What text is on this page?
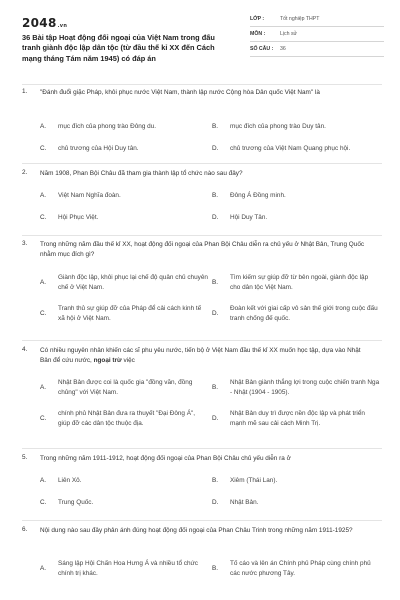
2048.vn
36 Bài tập Hoạt động đối ngoại của Việt Nam trong đấu tranh giành độc lập dân tộc (từ đầu thế kỉ XX đến Cách mạng tháng Tám năm 1945) có đáp án
LỚP :	Tốt nghiệp THPT
MÔN :	Lịch sử
SỐ CÂU :	36
1. "Đánh đuổi giặc Pháp, khôi phục nước Việt Nam, thành lập nước Cộng hòa Dân quốc Việt Nam" là
A. mục đích của phong trào Đông du.	B. mục đích của phong trào Duy tân.
C. chủ trương của Hội Duy tân.	D. chủ trương của Việt Nam Quang phục hội.
2. Năm 1908, Phan Bội Châu đã tham gia thành lập tổ chức nào sau đây?
A. Việt Nam Nghĩa đoàn.	B. Đông Á Đồng minh.
C. Hội Phục Việt.	D. Hội Duy Tân.
3. Trong những năm đầu thế kỉ XX, hoạt động đối ngoại của Phan Bội Châu diễn ra chủ yếu ở Nhật Bản, Trung Quốc nhằm mục đích gì?
A.
Giành độc lập, khôi phục lại chế độ quân chủ chuyên chế ở Việt Nam.
B.
Tìm kiếm sự giúp đỡ từ bên ngoài, giành độc lập cho dân tộc Việt Nam.
C.
Tranh thủ sự giúp đỡ của Pháp để cải cách kinh tế xã hội ở Việt Nam.
D.
Đoàn kết với giai cấp vô sản thế giới trong cuộc đấu tranh chống đế quốc.
4. Có nhiều nguyên nhân khiến các sĩ phu yêu nước, tiến bộ ở Việt Nam đầu thế kỉ XX muốn học tập, dựa vào Nhật Bản để cứu nước, ngoại trừ việc
A.
Nhật Bản được coi là quốc gia "đồng văn, đồng chủng" với Việt Nam.
B.
Nhật Bản giành thắng lợi trong cuộc chiến tranh Nga - Nhật (1904 - 1905).
C.
chính phủ Nhật Bản đưa ra thuyết "Đại Đông Á", giúp đỡ các dân tộc thuộc địa.
D.
Nhật Bản duy trì được nền độc lập và phát triển mạnh mẽ sau cải cách Minh Trị.
5. Trong những năm 1911-1912, hoạt động đối ngoại của Phan Bội Châu chủ yếu diễn ra ở
A. Liên Xô.	B. Xiêm (Thái Lan).
C. Trung Quốc.	D. Nhật Bản.
6. Nội dung nào sau đây phản ánh đúng hoạt động đối ngoại của Phan Châu Trinh trong những năm 1911-1925?
A.
Sáng lập Hội Chấn Hoa Hưng Á và nhiều tổ chức chính trị khác.
B.
Tố cáo và lên án Chính phủ Pháp cùng chính phủ các nước phương Tây.
